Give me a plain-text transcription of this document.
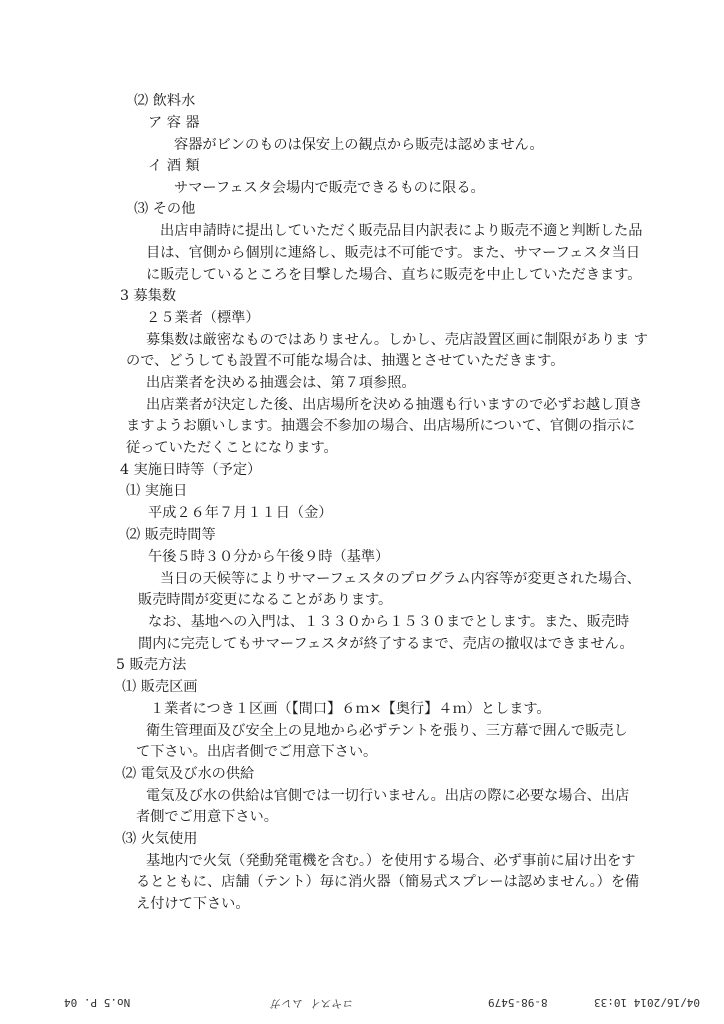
⑵ 飲料水
ア 容 器
容器がビンのものは保安上の観点から販売は認めません。
イ 酒 類
サマーフェスタ会場内で販売できるものに限る。
⑶ その他
出店申請時に提出していただく販売品目内訳表により販売不適と判断した品
目は、官側から個別に連絡し、販売は不可能です。また、サマーフェスタ当日
に販売しているところを目撃した場合、直ちに販売を中止していただきます。
3 募集数
２５業者（標準）
募集数は厳密なものではありません。しかし、売店設置区画に制限がありま す
ので、どうしても設置不可能な場合は、抽選とさせていただきます。
出店業者を決める抽選会は、第７項参照。
出店業者が決定した後、出店場所を決める抽選も行いますので必ずお越し頂き
ますようお願いします。抽選会不参加の場合、出店場所について、官側の指示に
従っていただくことになります。
4 実施日時等（予定）
⑴ 実施日
平成２６年７月１１日（金）
⑵ 販売時間等
午後５時３０分から午後９時（基準）
当日の天候等によりサマーフェスタのプログラム内容等が変更された場合、
販売時間が変更になることがあります。
なお、基地への入門は、１３３０から１５３０までとします。また、販売時
間内に完売してもサマーフェスタが終了するまで、売店の撤収はできません。
5 販売方法
⑴ 販売区画
１業者につき１区画（【間口】６ｍ×【奥行】４ｍ）とします。
衛生管理面及び安全上の見地から必ずテントを張り、三方幕で囲んで販売し
て下さい。出店者側でご用意下さい。
⑵ 電気及び水の供給
電気及び水の供給は官側では一切行いません。出店の際に必要な場合、出店
者側でご用意下さい。
⑶ 火気使用
基地内で火気（発動発電機を含む。）を使用する場合、必ず事前に届け出をす
るとともに、店舗（テント）毎に消火器（簡易式スプレーは認めません。）を備
え付けて下さい。
04/16/2014 10:33
8-98-5479
コヤスイ ムレガ
No.5 P. 04
